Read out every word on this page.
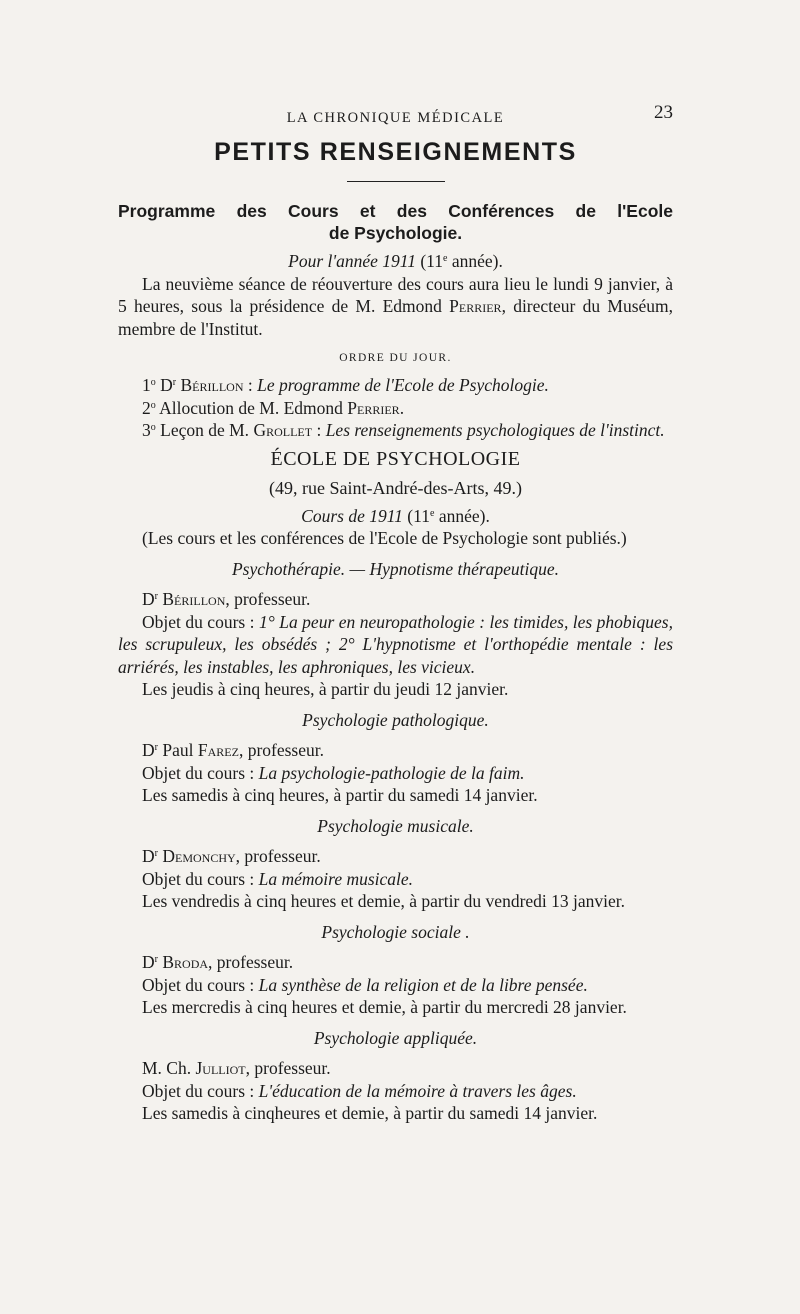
LA CHRONIQUE MÉDICALE	23
PETITS RENSEIGNEMENTS
Programme des Cours et des Conférences de l'Ecole
de Psychologie.

Pour l'année 1911 (11e année).

La neuvième séance de réouverture des cours aura lieu le lundi 9 janvier, à 5 heures, sous la présidence de M. Edmond Perrier, directeur du Muséum, membre de l'Institut.

ORDRE DU JOUR.

1$^o$ $D^r$ Bérillon : Le programme de l'Ecole de Psychologie.

2$^o$ Allocution de M. Edmond Perrier.

3$^o$ Leçon de M. Grollet : Les renseignements psychologiques de l'instinct.

ÉCOLE DE PSYCHOLOGIE
(49, rue Saint-André-des-Arts, 49.)

Cours de 1911 (11e année).

(Les cours et les conférences de l'Ecole de Psychologie sont publiés.)

Psychothérapie. — Hypnotisme thérapeutique.

$D^r$ Bérillon, professeur.

Objet du cours : 1° La peur en neuropathologie : les timides, les phobiques, les scrupuleux, les obsédés ; 2° L'hypnotisme et l'orthopédie mentale : les arriérés, les instables, les aphroniques, les vicieux.

Les jeudis à cinq heures, à partir du jeudi 12 janvier.

Psychologie pathologique.

$D^r$ Paul Farez, professeur.

Objet du cours : La psychologie-pathologie de la faim.

Les samedis à cinq heures, à partir du samedi 14 janvier.

Psychologie musicale.

$D^r$ Demonchy, professeur.

Objet du cours : La mémoire musicale.

Les vendredis à cinq heures et demie, à partir du vendredi 13 janvier.

Psychologie sociale .

$D^r$ Broda, professeur.

Objet du cours : La synthèse de la religion et de la libre pensée.

Les mercredis à cinq heures et demie, à partir du mercredi 28 janvier.

Psychologie appliquée.

M. Ch. Julliot, professeur.

Objet du cours : L'éducation de la mémoire à travers les âges.

Les samedis à cinqheures et demie, à partir du samedi 14 janvier.
